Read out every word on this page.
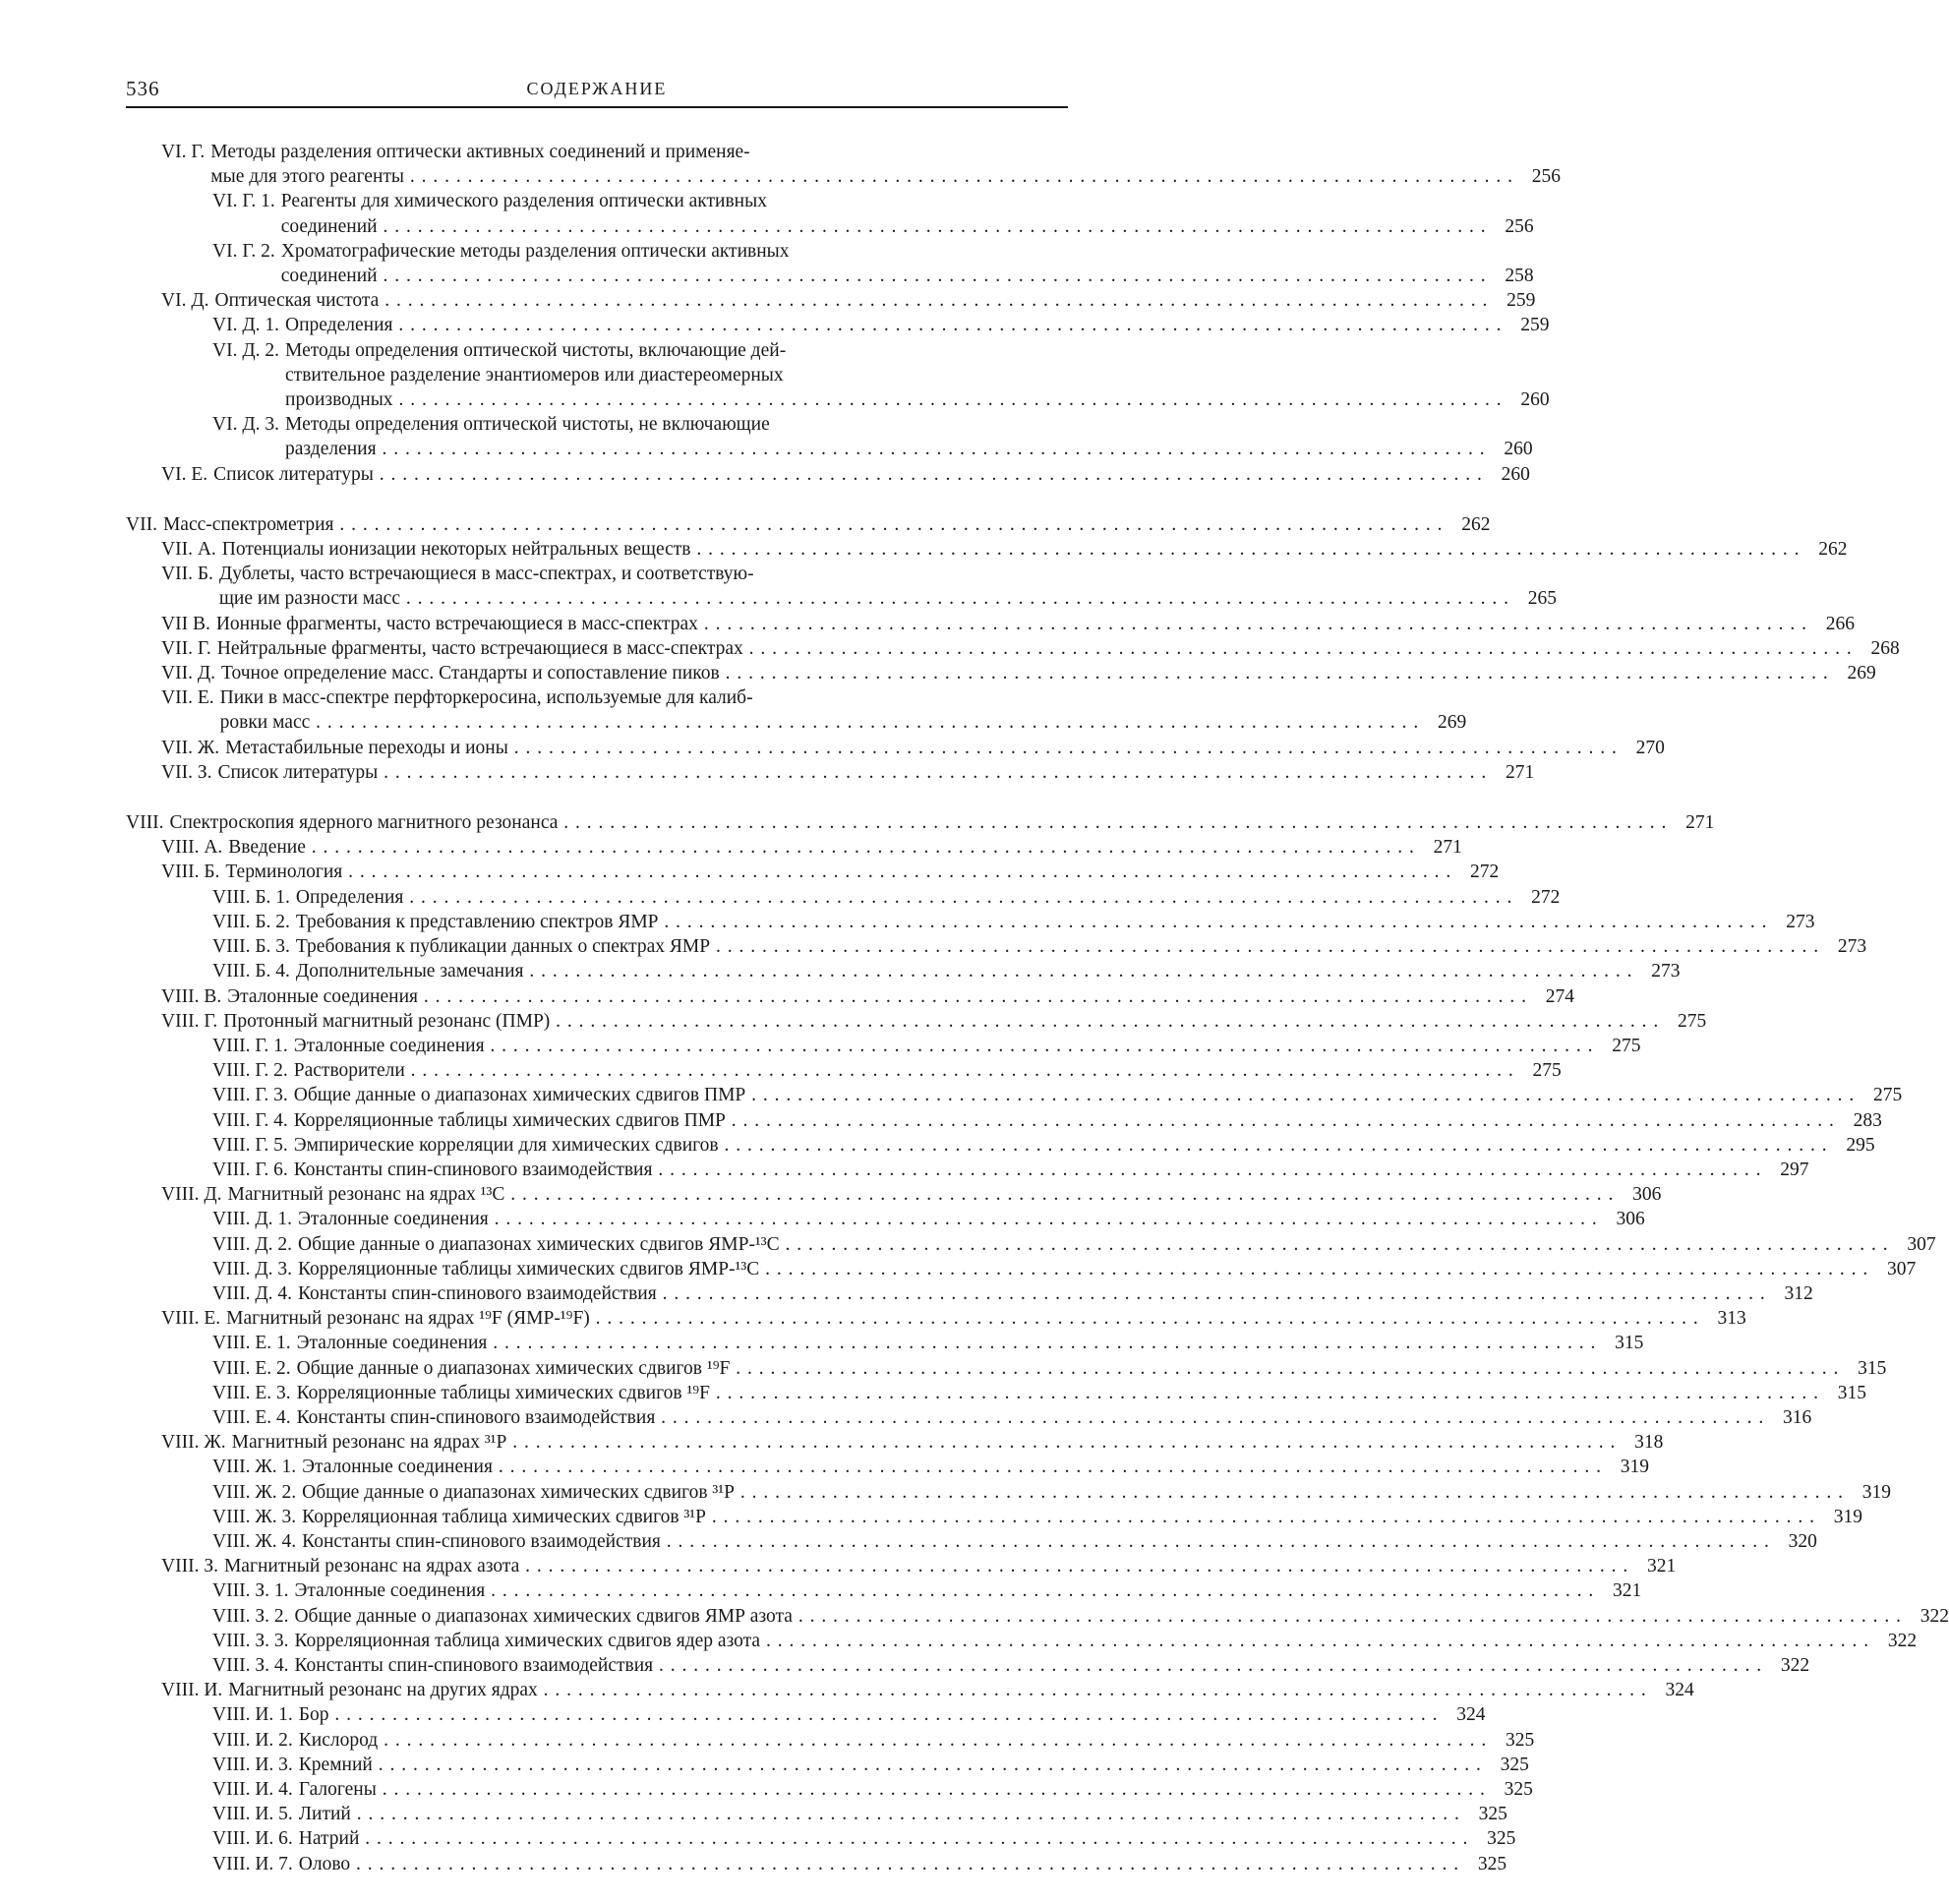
536	СОДЕРЖАНИЕ
VI. Г. Методы разделения оптически активных соединений и применяе-
мые для этого реагенты . . .	256
VI. Г. 1. Реагенты для химического разделения оптически активных
соединений . . .	256
VI. Г. 2. Хроматографические методы разделения оптически активных
соединений . . .	258
VI. Д. Оптическая чистота . . .	259
VI. Д. 1. Определения . . .	259
VI. Д. 2. Методы определения оптической чистоты, включающие дей-
ствительное разделение энантиомеров или диастереомерных
производных . . .	260
VI. Д. 3. Методы определения оптической чистоты, не включающие
разделения . . .	260
VI. Е. Список литературы . . .	260
VII. Масс-спектрометрия . . .	262
VII. А. Потенциалы ионизации некоторых нейтральных веществ . . .	262
VII. Б. Дублеты, часто встречающиеся в масс-спектрах, и соответствую-
щие им разности масс . . .	265
VII В. Ионные фрагменты, часто встречающиеся в масс-спектрах . . .	266
VII. Г. Нейтральные фрагменты, часто встречающиеся в масс-спектрах . . .	268
VII. Д. Точное определение масс. Стандарты и сопоставление пиков . . .	269
VII. Е. Пики в масс-спектре перфторкеросина, используемые для калиб-
ровки масс . . .	269
VII. Ж. Метастабильные переходы и ионы . . .	270
VII. З. Список литературы . . .	271
VIII. Спектроскопия ядерного магнитного резонанса . . .	271
VIII. А. Введение . . .	271
VIII. Б. Терминология . . .	272
VIII. Б. 1. Определения . . .	272
VIII. Б. 2. Требования к представлению спектров ЯМР . . .	273
VIII. Б. 3. Требования к публикации данных о спектрах ЯМР . . .	273
VIII. Б. 4. Дополнительные замечания . . .	273
VIII. В. Эталонные соединения . . .	274
VIII. Г. Протонный магнитный резонанс (ПМР) . . .	275
VIII. Г. 1. Эталонные соединения . . .	275
VIII. Г. 2. Растворители . . .	275
VIII. Г. 3. Общие данные о диапазонах химических сдвигов ПМР . . .	275
VIII. Г. 4. Корреляционные таблицы химических сдвигов ПМР . . .	283
VIII. Г. 5. Эмпирические корреляции для химических сдвигов . . .	295
VIII. Г. 6. Константы спин-спинового взаимодействия . . .	297
VIII. Д. Магнитный резонанс на ядрах ¹³C . . .	306
VIII. Д. 1. Эталонные соединения . . .	306
VIII. Д. 2. Общие данные о диапазонах химических сдвигов ЯМР-¹³C . . .	307
VIII. Д. 3. Корреляционные таблицы химических сдвигов ЯМР-¹³C . . .	307
VIII. Д. 4. Константы спин-спинового взаимодействия . . .	312
VIII. Е. Магнитный резонанс на ядрах ¹⁹F (ЯМР-¹⁹F) . . .	313
VIII. Е. 1. Эталонные соединения . . .	315
VIII. Е. 2. Общие данные о диапазонах химических сдвигов ¹⁹F . . .	315
VIII. Е. 3. Корреляционные таблицы химических сдвигов ¹⁹F . . .	315
VIII. Е. 4. Константы спин-спинового взаимодействия . . .	316
VIII. Ж. Магнитный резонанс на ядрах ³¹P . . .	318
VIII. Ж. 1. Эталонные соединения . . .	319
VIII. Ж. 2. Общие данные о диапазонах химических сдвигов ³¹P . . .	319
VIII. Ж. 3. Корреляционная таблица химических сдвигов ³¹P . . .	319
VIII. Ж. 4. Константы спин-спинового взаимодействия . . .	320
VIII. З. Магнитный резонанс на ядрах азота . . .	321
VIII. З. 1. Эталонные соединения . . .	321
VIII. З. 2. Общие данные о диапазонах химических сдвигов ЯМР азота . . .	322
VIII. З. 3. Корреляционная таблица химических сдвигов ядер азота . . .	322
VIII. З. 4. Константы спин-спинового взаимодействия . . .	322
VIII. И. Магнитный резонанс на других ядрах . . .	324
VIII. И. 1. Бор . . .	324
VIII. И. 2. Кислород . . .	325
VIII. И. 3. Кремний . . .	325
VIII. И. 4. Галогены . . .	325
VIII. И. 5. Литий . . .	325
VIII. И. 6. Натрий . . .	325
VIII. И. 7. Олово . . .	325
